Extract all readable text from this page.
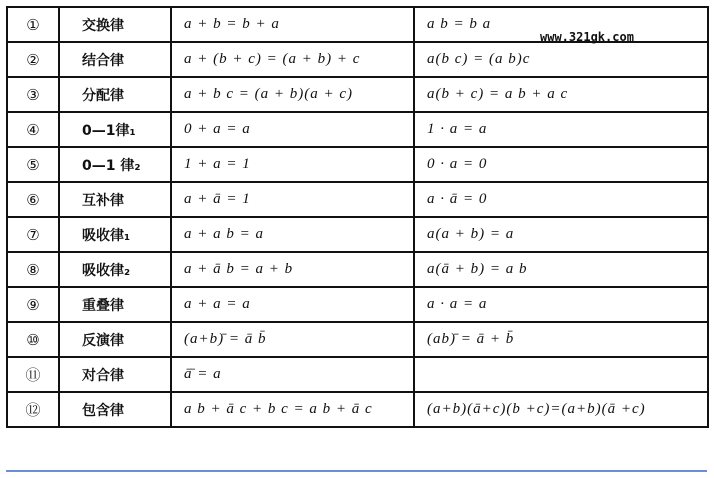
①	交换律	a + b = b + a	a b = b a
②	结合律	a + (b + c) = (a + b) + c	a(b c) = (a b)c
③	分配律	a + b c = (a + b)(a + c)	a(b + c) = a b + a c
④	0—1律₁	0 + a = a	1 · a = a
⑤	0—1 律₂	1 + a = 1	0 · a = 0
⑥	互补律	a + ā = 1	a · ā = 0
⑦	吸收律₁	a + a b = a	a(a + b) = a
⑧	吸收律₂	a + ā b = a + b	a(ā + b) = a b
⑨	重叠律	a + a = a	a · a = a
⑩	反演律	(a+b)̄ = ā b̄	(ab)̄ = ā + b̄
⑪	对合律	ā̄ = a	
⑫	包含律	a b + ā c + b c = a b + ā c	(a+b)(ā+c)(b +c)=(a+b)(ā +c)
www.321gk.com
